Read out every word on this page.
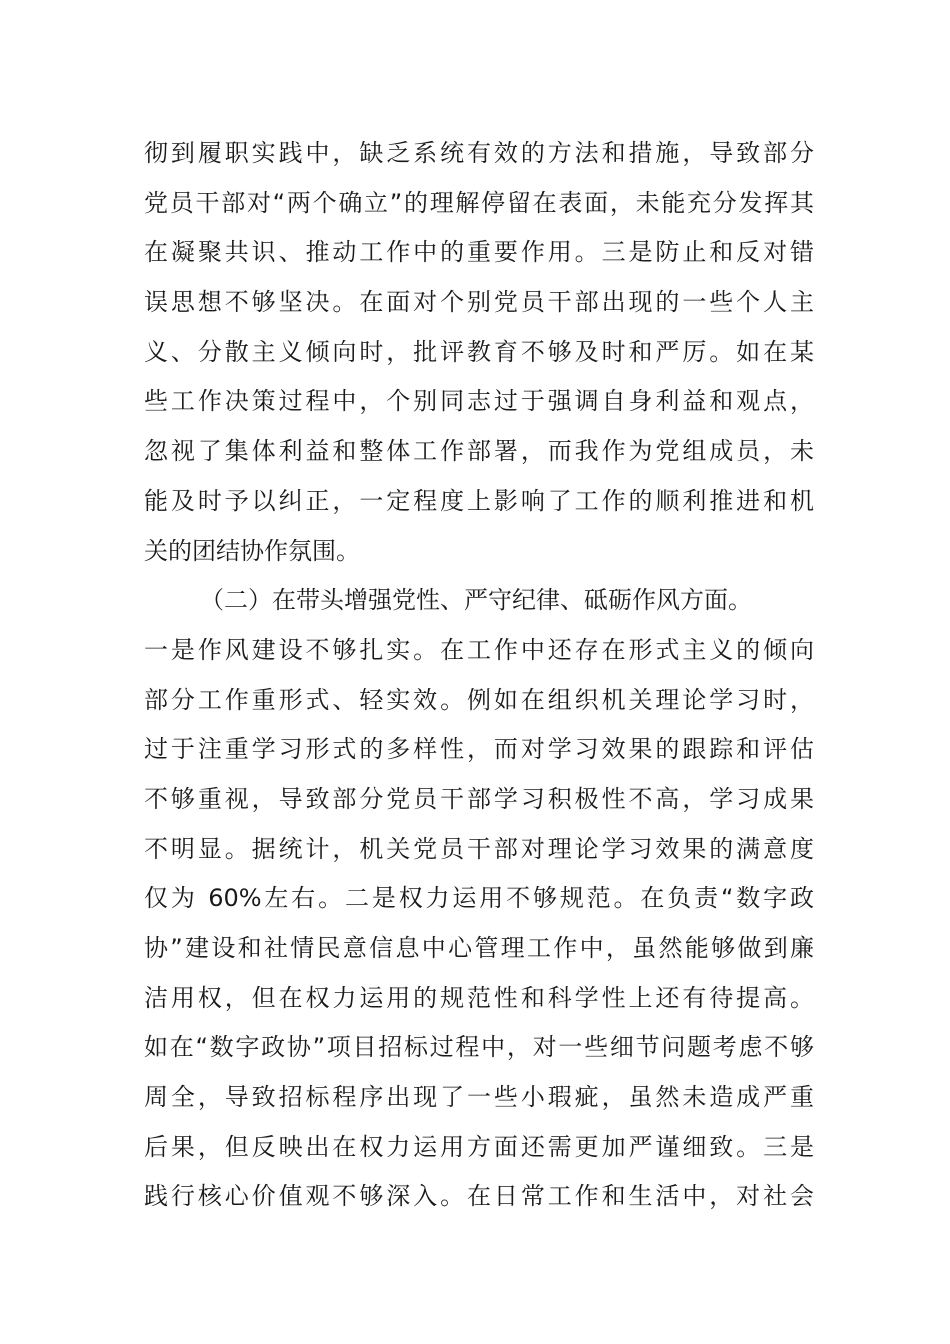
彻到履职实践中，缺乏系统有效的方法和措施，导致部分
党员干部对“两个确立”的理解停留在表面，未能充分发挥其
在凝聚共识、推动工作中的重要作用。三是防止和反对错
误思想不够坚决。在面对个别党员干部出现的一些个人主
义、分散主义倾向时，批评教育不够及时和严厉。如在某
些工作决策过程中，个别同志过于强调自身利益和观点，
忽视了集体利益和整体工作部署，而我作为党组成员，未
能及时予以纠正，一定程度上影响了工作的顺利推进和机
关的团结协作氛围。
（二）在带头增强党性、严守纪律、砥砺作风方面。
一是作风建设不够扎实。在工作中还存在形式主义的倾向
部分工作重形式、轻实效。例如在组织机关理论学习时，
过于注重学习形式的多样性，而对学习效果的跟踪和评估
不够重视，导致部分党员干部学习积极性不高，学习成果
不明显。据统计，机关党员干部对理论学习效果的满意度
仅为 60%左右。二是权力运用不够规范。在负责“数字政
协”建设和社情民意信息中心管理工作中，虽然能够做到廉
洁用权，但在权力运用的规范性和科学性上还有待提高。
如在“数字政协”项目招标过程中，对一些细节问题考虑不够
周全，导致招标程序出现了一些小瑕疵，虽然未造成严重
后果，但反映出在权力运用方面还需更加严谨细致。三是
践行核心价值观不够深入。在日常工作和生活中，对社会
